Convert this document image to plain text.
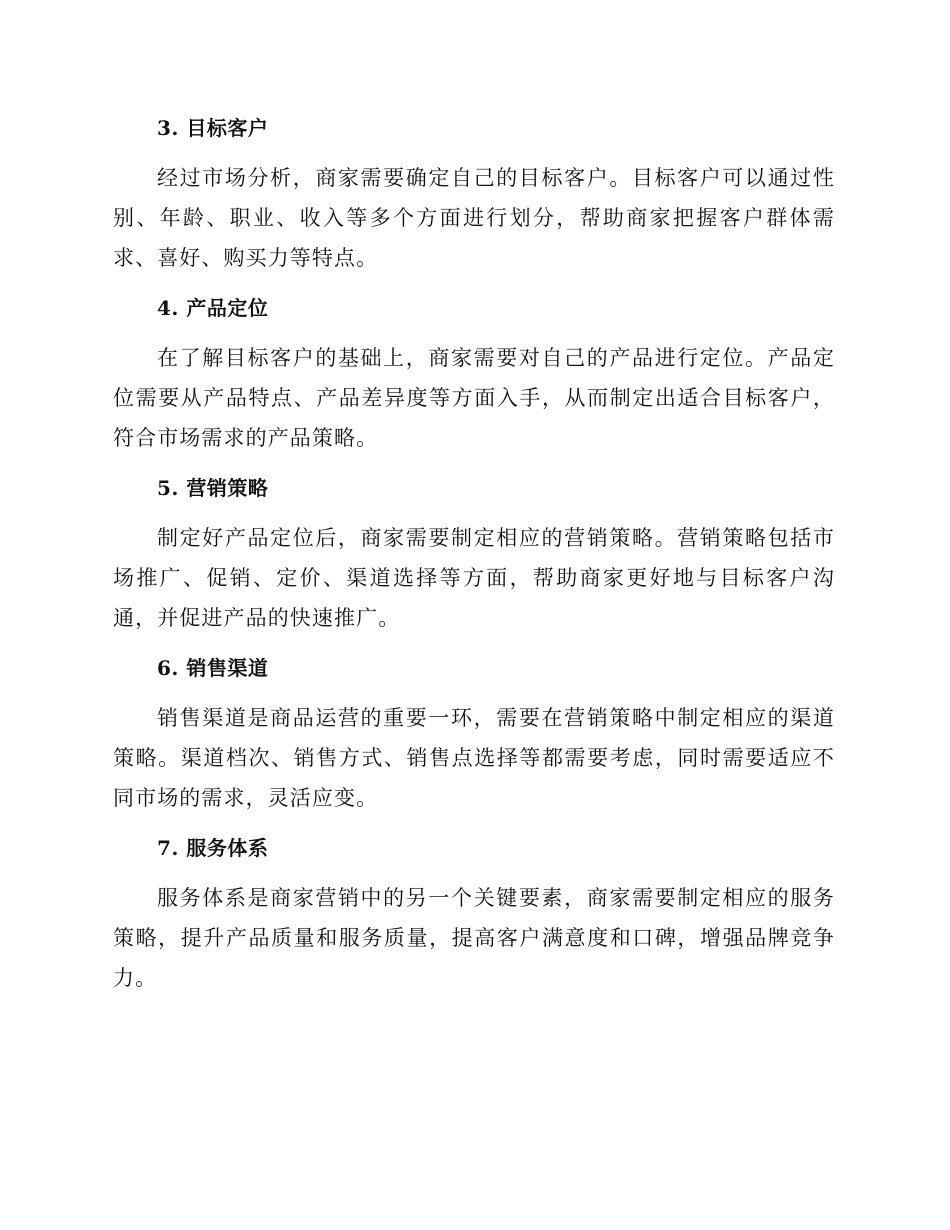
3. 目标客户

经过市场分析，商家需要确定自己的目标客户。目标客户可以通过性别、年龄、职业、收入等多个方面进行划分，帮助商家把握客户群体需求、喜好、购买力等特点。

4. 产品定位

在了解目标客户的基础上，商家需要对自己的产品进行定位。产品定位需要从产品特点、产品差异度等方面入手，从而制定出适合目标客户，符合市场需求的产品策略。

5. 营销策略

制定好产品定位后，商家需要制定相应的营销策略。营销策略包括市场推广、促销、定价、渠道选择等方面，帮助商家更好地与目标客户沟通，并促进产品的快速推广。

6. 销售渠道

销售渠道是商品运营的重要一环，需要在营销策略中制定相应的渠道策略。渠道档次、销售方式、销售点选择等都需要考虑，同时需要适应不同市场的需求，灵活应变。

7. 服务体系

服务体系是商家营销中的另一个关键要素，商家需要制定相应的服务策略，提升产品质量和服务质量，提高客户满意度和口碑，增强品牌竞争力。
